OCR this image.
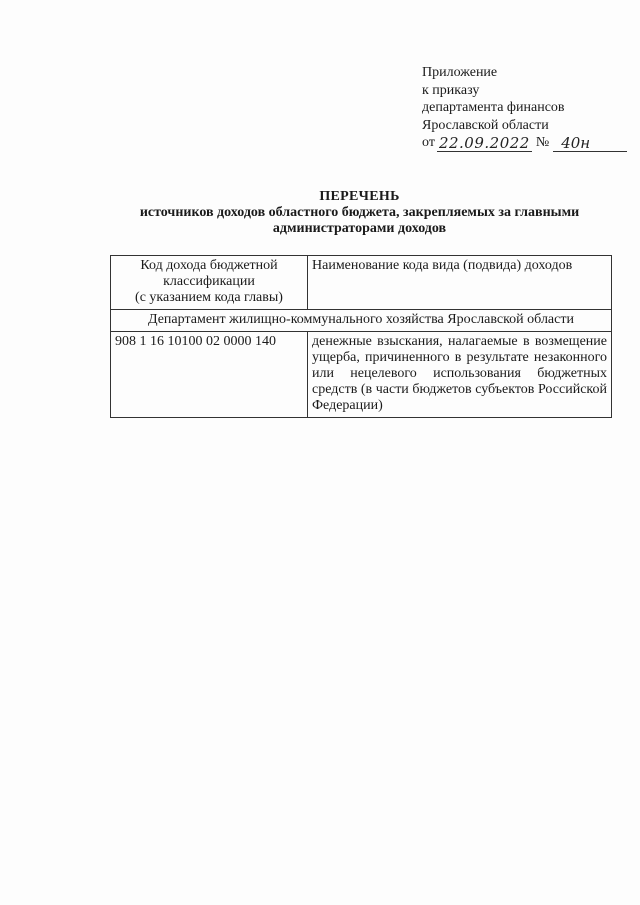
Приложение
к приказу
департамента финансов
Ярославской области
от 22.09.2022 № 40н
ПЕРЕЧЕНЬ
источников доходов областного бюджета, закрепляемых за главными
администраторами доходов
Код дохода бюджетной
классификации
(с указанием кода главы)	Наименование кода вида (подвида) доходов
Департамент жилищно-коммунального хозяйства Ярославской области	
908 1 16 10100 02 0000 140	денежные взыскания, налагаемые в возмещение ущерба, причиненного в результате незаконного или нецелевого использования бюджетных средств (в части бюджетов субъектов Российской Федерации)
